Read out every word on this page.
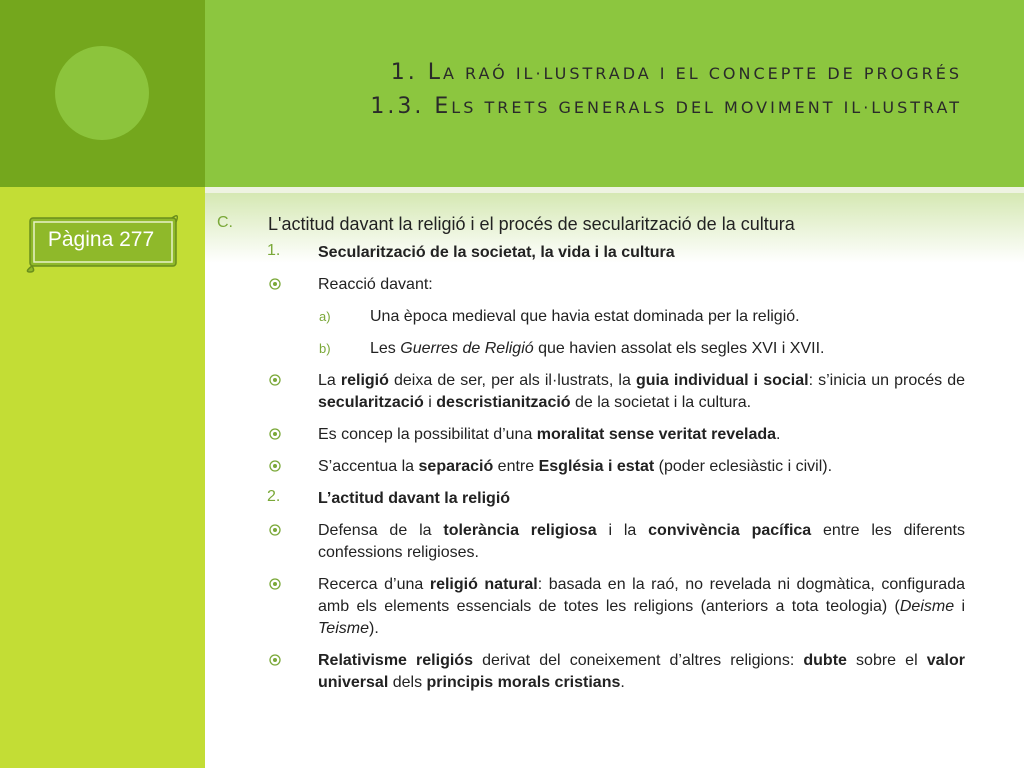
1. LA RAÓ IL·LUSTRADA I EL CONCEPTE DE PROGRÉS
1.3. ELS TRETS GENERALS DEL MOVIMENT IL·LUSTRAT
Pàgina 277
C. L'actitud davant la religió i el procés de secularització de la cultura
1. Secularització de la societat, la vida i la cultura
Reacció davant:
a) Una època medieval que havia estat dominada per la religió.
b) Les Guerres de Religió que havien assolat els segles XVI i XVII.
La religió deixa de ser, per als il·lustrats, la guia individual i social: s’inicia un procés de secularització i descristianització de la societat i la cultura.
Es concep la possibilitat d’una moralitat sense veritat revelada.
S’accentua la separació entre Església i estat (poder eclesiàstic i civil).
2. L’actitud davant la religió
Defensa de la tolerància religiosa i la convivència pacífica entre les diferents confessions religioses.
Recerca d’una religió natural: basada en la raó, no revelada ni dogmàtica, configurada amb els elements essencials de totes les religions (anteriors a tota teologia) (Deisme i Teisme).
Relativisme religiós derivat del coneixement d’altres religions: dubte sobre el valor universal dels principis morals cristians.
